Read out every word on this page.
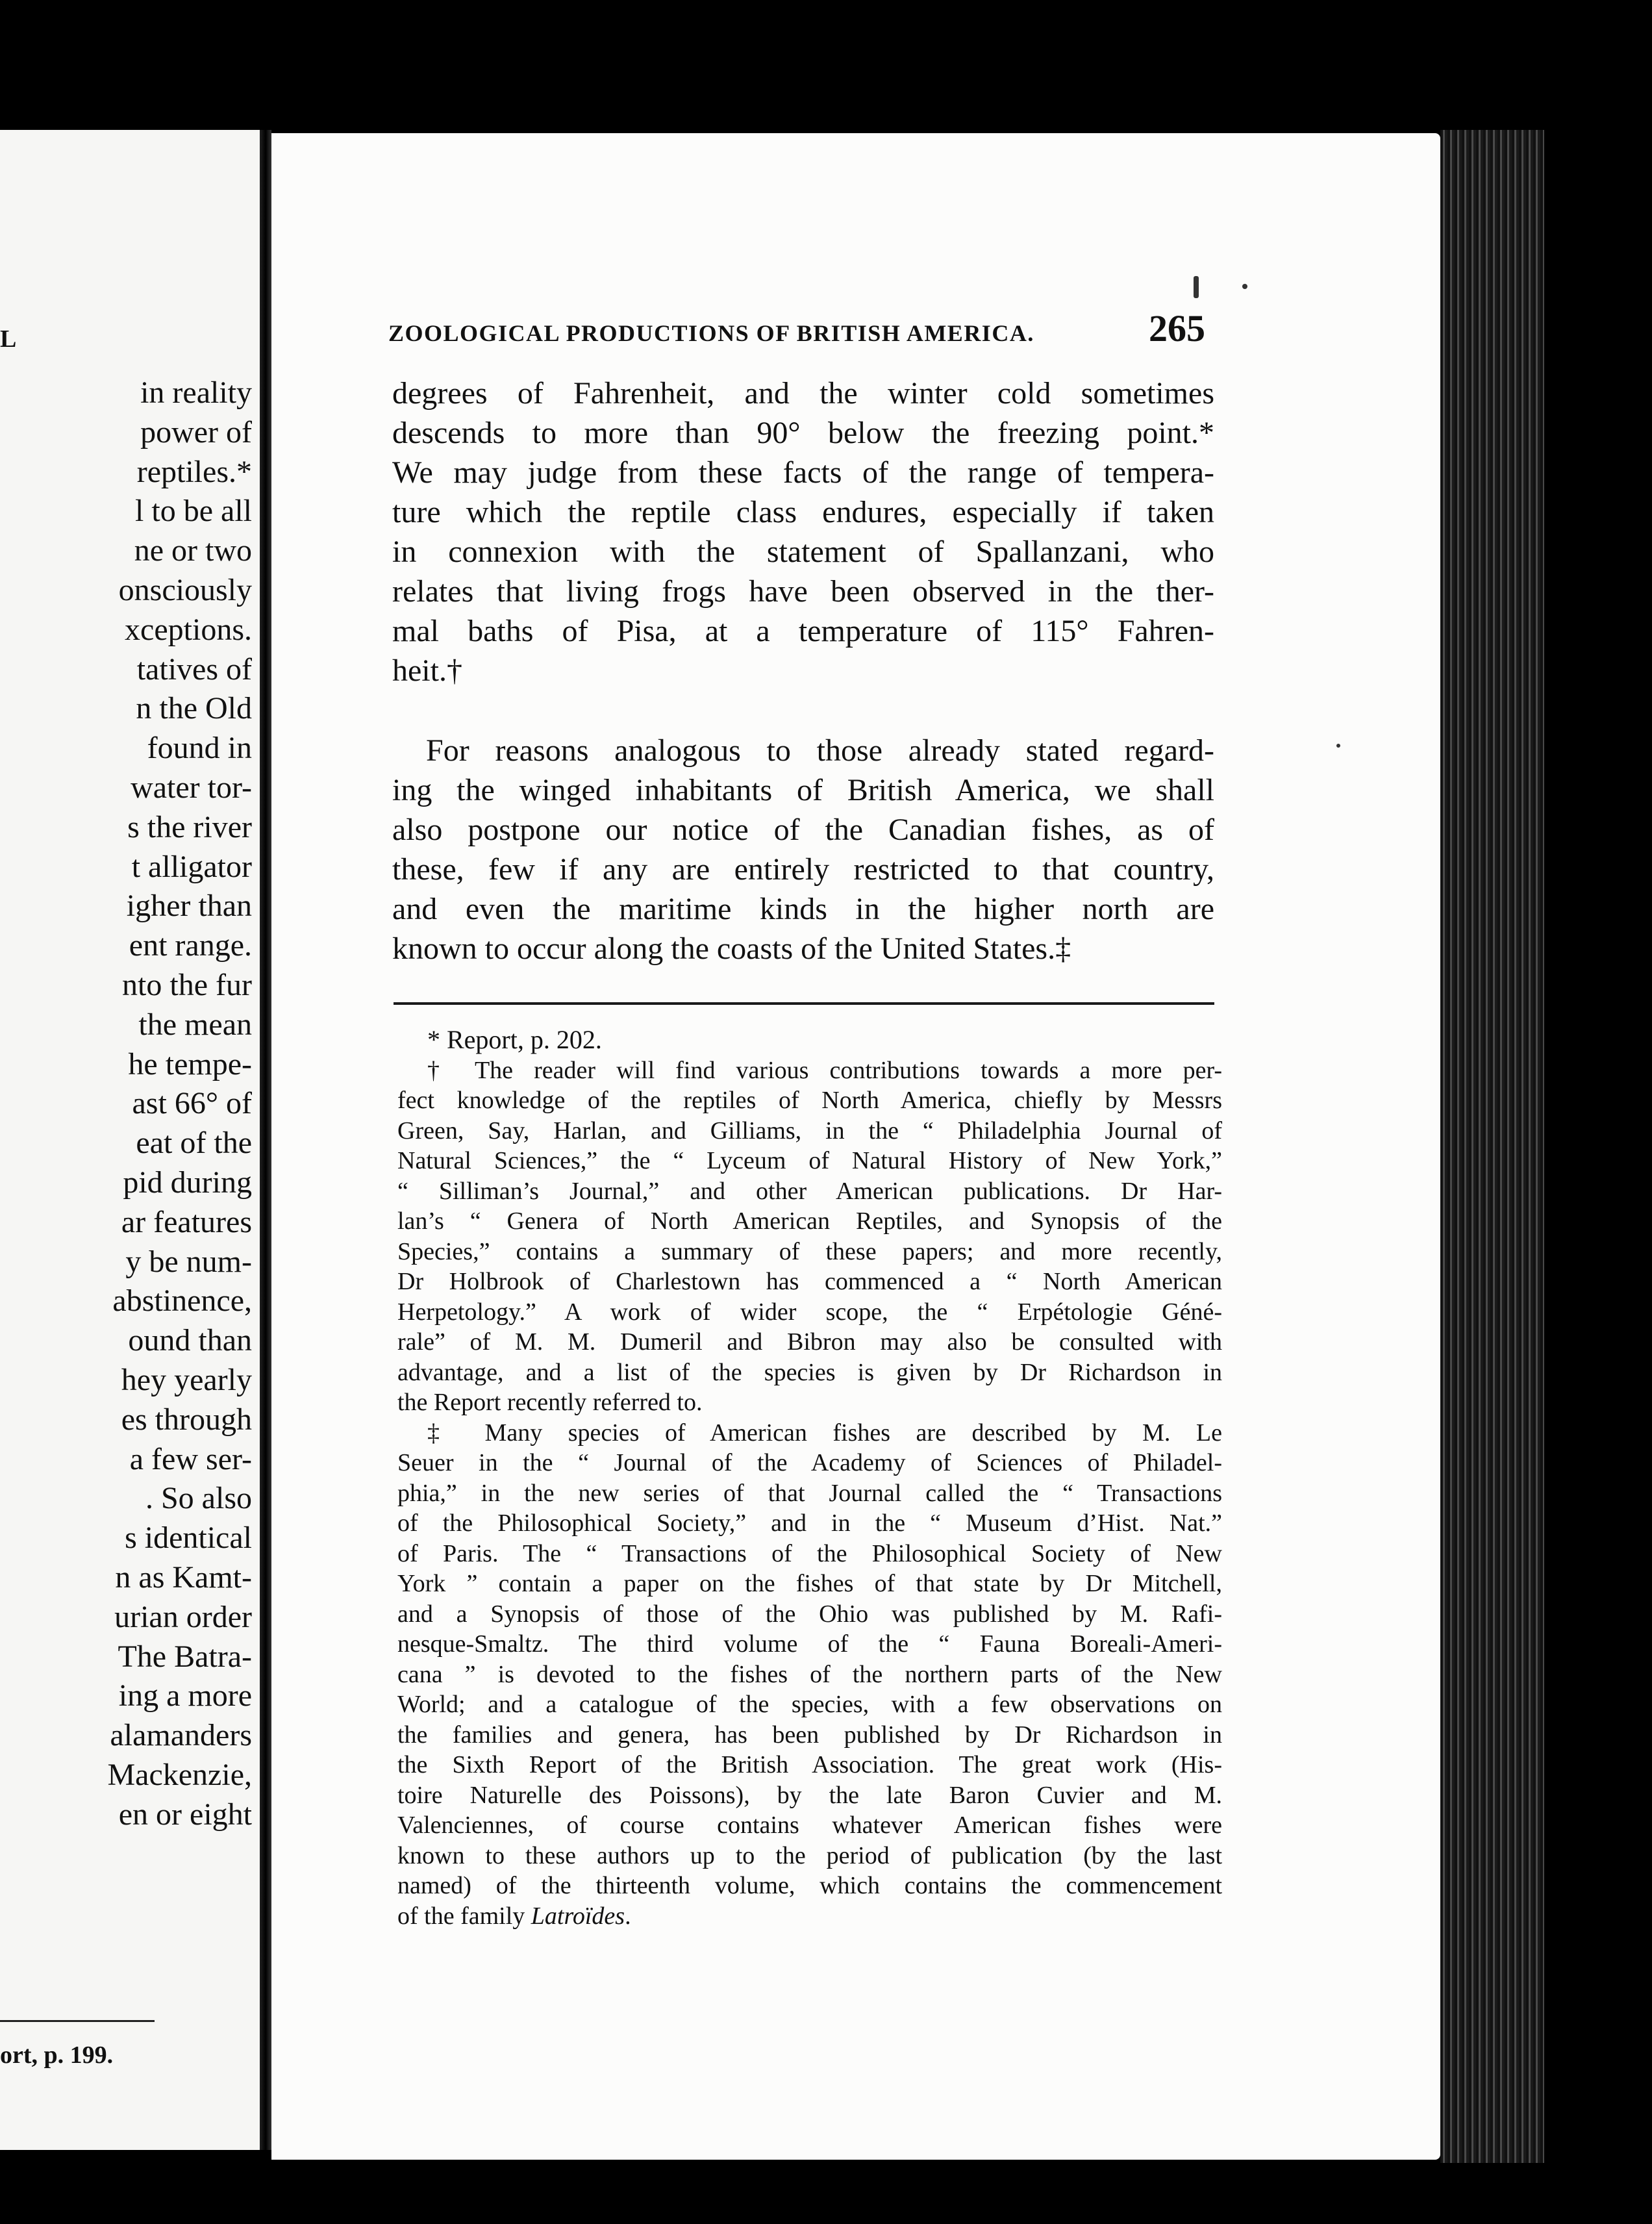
L

in reality

power of

reptiles.*

l to be all

ne or two

onsciously

xceptions.

tatives of

n the Old

found in

water tor-

s the river

t alligator

igher than

ent range.

nto the fur

the mean

he tempe-

ast 66° of

eat of the

pid during

ar features

y be num-

abstinence,

ound than

hey yearly

es through

a few ser-

. So also

s identical

n as Kamt-

urian order

The Batra-

ing a more

alamanders

Mackenzie,

en or eight

ort, p. 199.

ZOOLOGICAL PRODUCTIONS OF BRITISH AMERICA.	265

degrees of Fahrenheit, and the winter cold sometimes
descends to more than 90° below the freezing point.*
We may judge from these facts of the range of tempera-
ture which the reptile class endures, especially if taken
in connexion with the statement of Spallanzani, who
relates that living frogs have been observed in the ther-
mal baths of Pisa, at a temperature of 115° Fahren-
heit.†

For reasons analogous to those already stated regard-
ing the winged inhabitants of British America, we shall
also postpone our notice of the Canadian fishes, as of
these, few if any are entirely restricted to that country,
and even the maritime kinds in the higher north are
known to occur along the coasts of the United States.‡

* Report, p. 202.
† The reader will find various contributions towards a more per-
fect knowledge of the reptiles of North America, chiefly by Messrs
Green, Say, Harlan, and Gilliams, in the “ Philadelphia Journal of
Natural Sciences,” the “ Lyceum of Natural History of New York,”
“ Silliman’s Journal,” and other American publications. Dr Har-
lan’s “ Genera of North American Reptiles, and Synopsis of the
Species,” contains a summary of these papers; and more recently,
Dr Holbrook of Charlestown has commenced a “ North American
Herpetology.” A work of wider scope, the “ Erpétologie Géné-
rale” of M. M. Dumeril and Bibron may also be consulted with
advantage, and a list of the species is given by Dr Richardson in
the Report recently referred to.
‡ Many species of American fishes are described by M. Le
Seuer in the “ Journal of the Academy of Sciences of Philadel-
phia,” in the new series of that Journal called the “ Transactions
of the Philosophical Society,” and in the “ Museum d’Hist. Nat.”
of Paris. The “ Transactions of the Philosophical Society of New
York ” contain a paper on the fishes of that state by Dr Mitchell,
and a Synopsis of those of the Ohio was published by M. Rafi-
nesque-Smaltz. The third volume of the “ Fauna Boreali-Ameri-
cana ” is devoted to the fishes of the northern parts of the New
World; and a catalogue of the species, with a few observations on
the families and genera, has been published by Dr Richardson in
the Sixth Report of the British Association. The great work (His-
toire Naturelle des Poissons), by the late Baron Cuvier and M.
Valenciennes, of course contains whatever American fishes were
known to these authors up to the period of publication (by the last
named) of the thirteenth volume, which contains the commencement
of the family Latroïdes.
